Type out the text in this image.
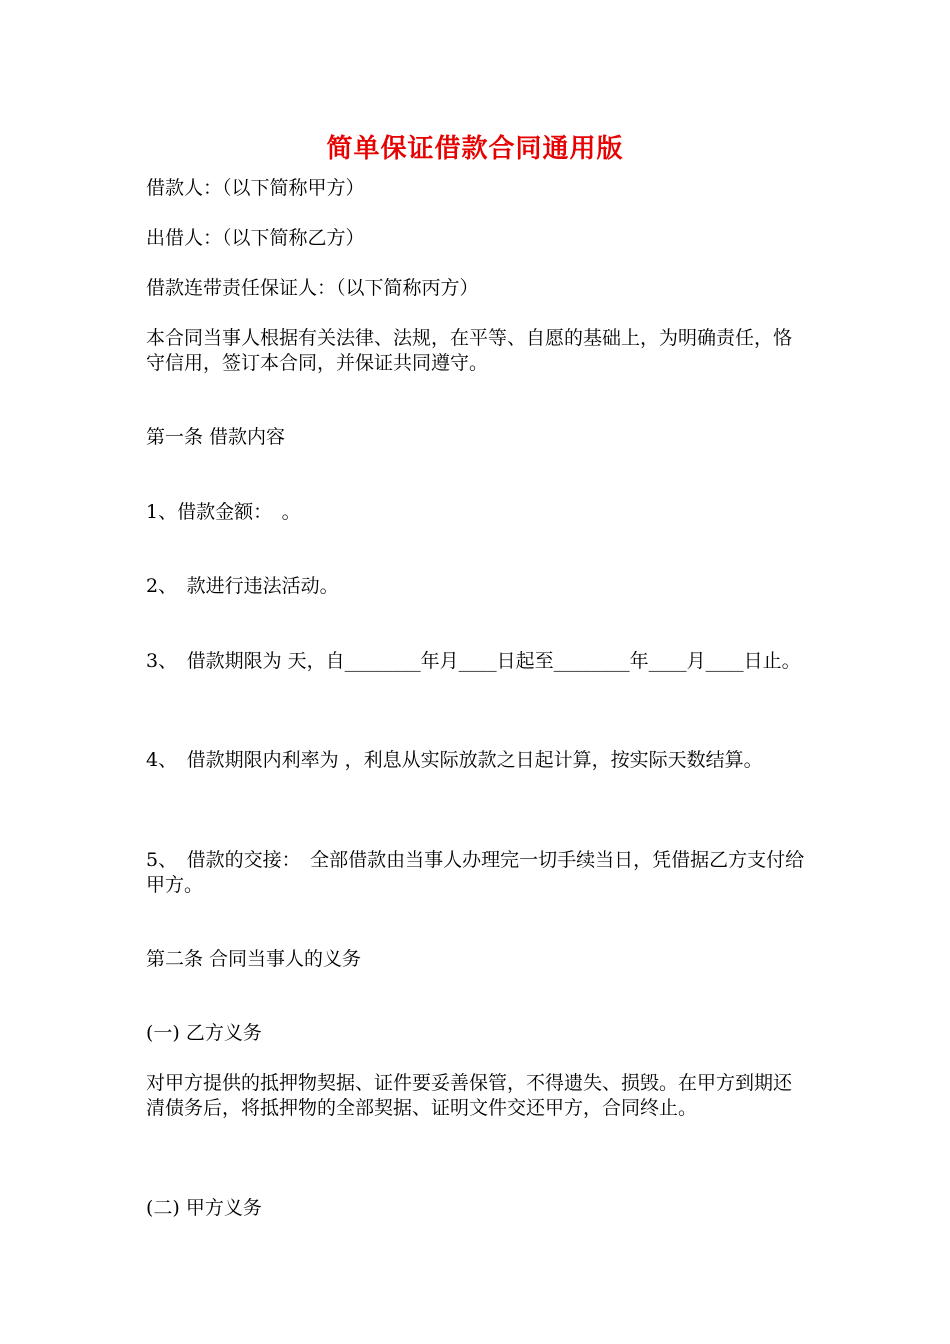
简单保证借款合同通用版

借款人：（以下简称甲方）

出借人：（以下简称乙方）

借款连带责任保证人：（以下简称丙方）

本合同当事人根据有关法律、法规，在平等、自愿的基础上，为明确责任，恪守信用，签订本合同，并保证共同遵守。

第一条 借款内容

1、借款金额：　。

2、　款进行违法活动。

3、　借款期限为 天，自________年月____日起至________年____月____日止。

4、　借款期限内利率为 ，利息从实际放款之日起计算，按实际天数结算。

5、　借款的交接：　全部借款由当事人办理完一切手续当日，凭借据乙方支付给甲方。

第二条 合同当事人的义务

(一) 乙方义务

对甲方提供的抵押物契据、证件要妥善保管，不得遗失、损毁。在甲方到期还清债务后，将抵押物的全部契据、证明文件交还甲方，合同终止。

(二) 甲方义务
